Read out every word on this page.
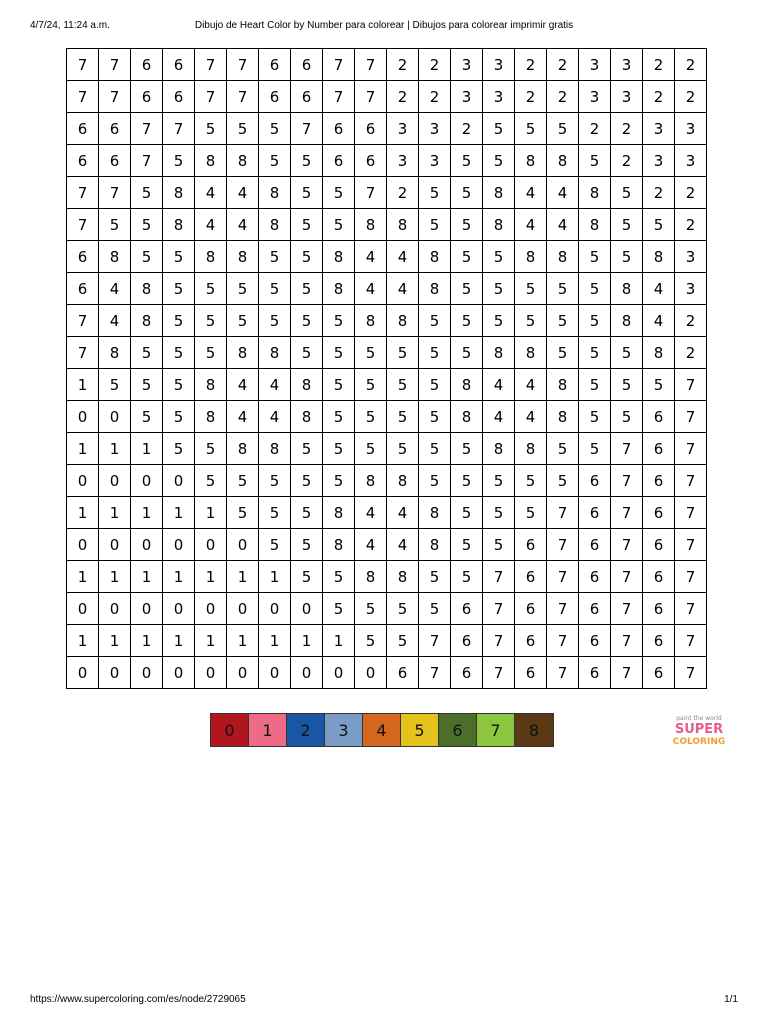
4/7/24, 11:24 a.m.	Dibujo de Heart Color by Number para colorear | Dibujos para colorear imprimir gratis
7	7	6	6	7	7	6	6	7	7	2	2	3	3	2	2	3	3	2	2
7	7	6	6	7	7	6	6	7	7	2	2	3	3	2	2	3	3	2	2
6	6	7	7	5	5	5	7	6	6	3	3	2	5	5	5	2	2	3	3
6	6	7	5	8	8	5	5	6	6	3	3	5	5	8	8	5	2	3	3
7	7	5	8	4	4	8	5	5	7	2	5	5	8	4	4	8	5	2	2
7	5	5	8	4	4	8	5	5	8	8	5	5	8	4	4	8	5	5	2
6	8	5	5	8	8	5	5	8	4	4	8	5	5	8	8	5	5	8	3
6	4	8	5	5	5	5	5	8	4	4	8	5	5	5	5	5	8	4	3
7	4	8	5	5	5	5	5	5	8	8	5	5	5	5	5	5	8	4	2
7	8	5	5	5	8	8	5	5	5	5	5	5	8	8	5	5	5	8	2
1	5	5	5	8	4	4	8	5	5	5	5	8	4	4	8	5	5	5	7
0	0	5	5	8	4	4	8	5	5	5	5	8	4	4	8	5	5	6	7
1	1	1	5	5	8	8	5	5	5	5	5	5	8	8	5	5	7	6	7
0	0	0	0	5	5	5	5	5	8	8	5	5	5	5	5	6	7	6	7
1	1	1	1	1	5	5	5	8	4	4	8	5	5	5	7	6	7	6	7
0	0	0	0	0	0	5	5	8	4	4	8	5	5	6	7	6	7	6	7
1	1	1	1	1	1	1	5	5	8	8	5	5	7	6	7	6	7	6	7
0	0	0	0	0	0	0	0	5	5	5	5	6	7	6	7	6	7	6	7
1	1	1	1	1	1	1	1	1	5	5	7	6	7	6	7	6	7	6	7
0	0	0	0	0	0	0	0	0	0	6	7	6	7	6	7	6	7	6	7
0	1	2	3	4	5	6	7	8
paint the world
SUPER
COLORING
https://www.supercoloring.com/es/node/2729065	1/1
